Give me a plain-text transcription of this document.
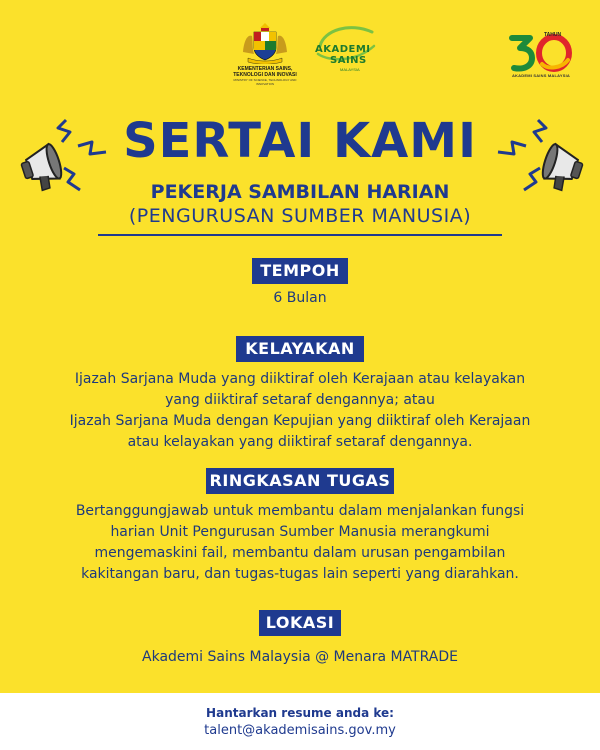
KEMENTERIAN SAINS,
TEKNOLOGI DAN INOVASI
MINISTRY OF SCIENCE, TECHNOLOGY AND INNOVATION
AKADEMI
SAINS
MALAYSIA
TAHUN
AKADEMI SAINS MALAYSIA
SERTAI KAMI
PEKERJA SAMBILAN HARIAN
(PENGURUSAN SUMBER MANUSIA)
TEMPOH
6 Bulan
KELAYAKAN
Ijazah Sarjana Muda yang diiktiraf oleh Kerajaan atau kelayakan
yang diiktiraf setaraf dengannya; atau
Ijazah Sarjana Muda dengan Kepujian yang diiktiraf oleh Kerajaan
atau kelayakan yang diiktiraf setaraf dengannya.
RINGKASAN TUGAS
Bertanggungjawab untuk membantu dalam menjalankan fungsi
harian Unit Pengurusan Sumber Manusia merangkumi
mengemaskini fail, membantu dalam urusan pengambilan
kakitangan baru, dan tugas-tugas lain seperti yang diarahkan.
LOKASI
Akademi Sains Malaysia @ Menara MATRADE
Hantarkan resume anda ke:
talent@akademisains.gov.my
